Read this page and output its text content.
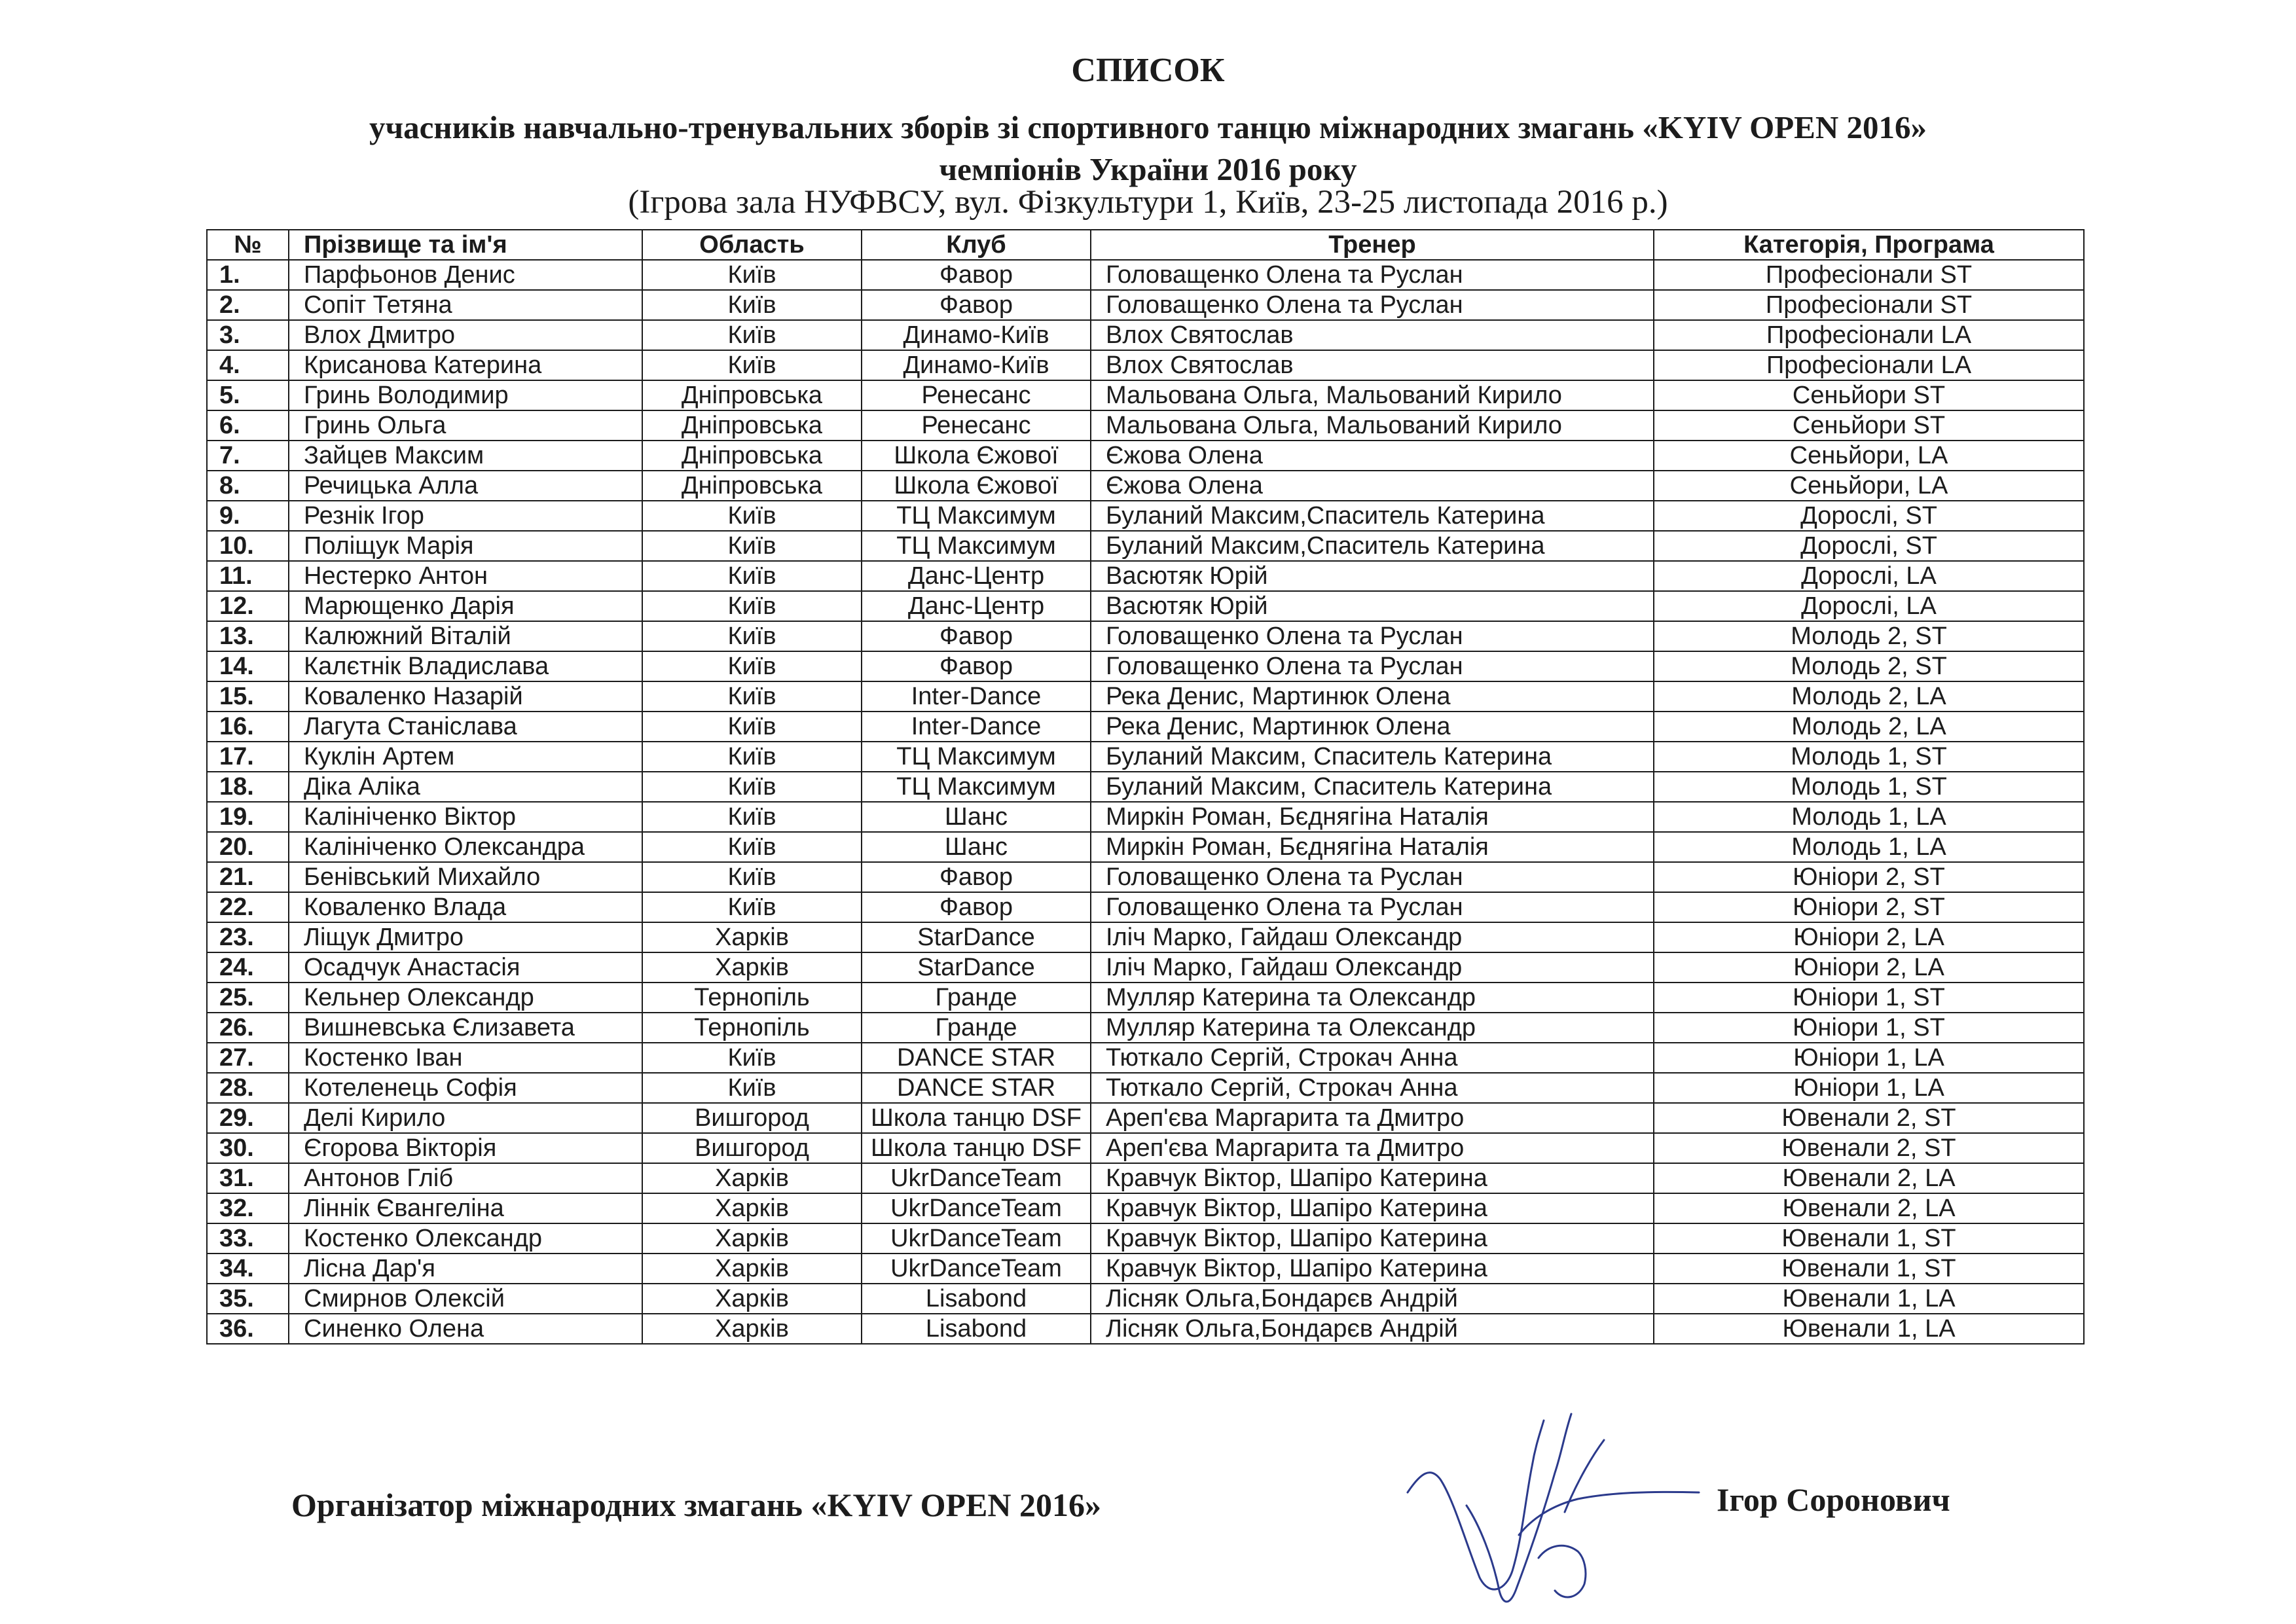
СПИСОК
учасників навчально-тренувальних зборів зі спортивного танцю міжнародних змагань «KYIV OPEN 2016»
чемпіонів України 2016 року
(Ігрова зала НУФВСУ, вул. Фізкультури 1, Київ, 23-25 листопада 2016 р.)
№	Прізвище та ім'я	Область	Клуб	Тренер	Категорія, Програма
1.	Парфьонов Денис	Київ	Фавор	Головащенко Олена та Руслан	Професіонали ST
2.	Сопіт Тетяна	Київ	Фавор	Головащенко Олена та Руслан	Професіонали ST
3.	Влох Дмитро	Київ	Динамо-Київ	Влох Святослав	Професіонали LA
4.	Крисанова Катерина	Київ	Динамо-Київ	Влох Святослав	Професіонали LA
5.	Гринь Володимир	Дніпровська	Ренесанс	Мальована Ольга, Мальований Кирило	Сеньйори ST
6.	Гринь Ольга	Дніпровська	Ренесанс	Мальована Ольга, Мальований Кирило	Сеньйори ST
7.	Зайцев Максим	Дніпровська	Школа Єжової	Єжова Олена	Сеньйори, LA
8.	Речицька Алла	Дніпровська	Школа Єжової	Єжова Олена	Сеньйори, LA
9.	Резнік Ігор	Київ	ТЦ Максимум	Буланий Максим,Спаситель Катерина	Дорослі, ST
10.	Поліщук Марія	Київ	ТЦ Максимум	Буланий Максим,Спаситель Катерина	Дорослі, ST
11.	Нестерко Антон	Київ	Данс-Центр	Васютяк Юрій	Дорослі, LA
12.	Марющенко Дарія	Київ	Данс-Центр	Васютяк Юрій	Дорослі, LA
13.	Калюжний Віталій	Київ	Фавор	Головащенко Олена та Руслан	Молодь 2, ST
14.	Калєтнік Владислава	Київ	Фавор	Головащенко Олена та Руслан	Молодь 2, ST
15.	Коваленко Назарій	Київ	Inter-Dance	Река Денис, Мартинюк Олена	Молодь 2, LA
16.	Лагута Станіслава	Київ	Inter-Dance	Река Денис, Мартинюк Олена	Молодь 2, LA
17.	Куклін Артем	Київ	ТЦ Максимум	Буланий Максим, Спаситель Катерина	Молодь 1, ST
18.	Діка Аліка	Київ	ТЦ Максимум	Буланий Максим, Спаситель Катерина	Молодь 1, ST
19.	Калініченко Віктор	Київ	Шанс	Миркін Роман, Бєднягіна Наталія	Молодь 1, LA
20.	Калініченко Олександра	Київ	Шанс	Миркін Роман, Бєднягіна Наталія	Молодь 1, LA
21.	Бенівський Михайло	Київ	Фавор	Головащенко Олена та Руслан	Юніори 2, ST
22.	Коваленко Влада	Київ	Фавор	Головащенко Олена та Руслан	Юніори 2, ST
23.	Ліщук Дмитро	Харків	StarDance	Іліч Марко, Гайдаш Олександр	Юніори 2, LA
24.	Осадчук Анастасія	Харків	StarDance	Іліч Марко, Гайдаш Олександр	Юніори 2, LA
25.	Кельнер Олександр	Тернопіль	Гранде	Мулляр Катерина та Олександр	Юніори 1, ST
26.	Вишневська Єлизавета	Тернопіль	Гранде	Мулляр Катерина та Олександр	Юніори 1, ST
27.	Костенко Іван	Київ	DANCE STAR	Тюткало Сергій, Строкач Анна	Юніори 1, LA
28.	Котеленець Софія	Київ	DANCE STAR	Тюткало Сергій, Строкач Анна	Юніори 1, LA
29.	Делі Кирило	Вишгород	Школа танцю DSF	Ареп'єва Маргарита та Дмитро	Ювенали 2, ST
30.	Єгорова Вікторія	Вишгород	Школа танцю DSF	Ареп'єва Маргарита та Дмитро	Ювенали 2, ST
31.	Антонов Гліб	Харків	UkrDanceTeam	Кравчук Віктор, Шапіро Катерина	Ювенали 2, LA
32.	Ліннік Євангеліна	Харків	UkrDanceTeam	Кравчук Віктор, Шапіро Катерина	Ювенали 2, LA
33.	Костенко Олександр	Харків	UkrDanceTeam	Кравчук Віктор, Шапіро Катерина	Ювенали 1, ST
34.	Лісна Дар'я	Харків	UkrDanceTeam	Кравчук Віктор, Шапіро Катерина	Ювенали 1, ST
35.	Смирнов Олексій	Харків	Lisabond	Лісняк Ольга,Бондарєв Андрій	Ювенали 1, LA
36.	Синенко Олена	Харків	Lisabond	Лісняк Ольга,Бондарєв Андрій	Ювенали 1, LA
Організатор міжнародних змагань «KYIV OPEN 2016»	Ігор Соронович
